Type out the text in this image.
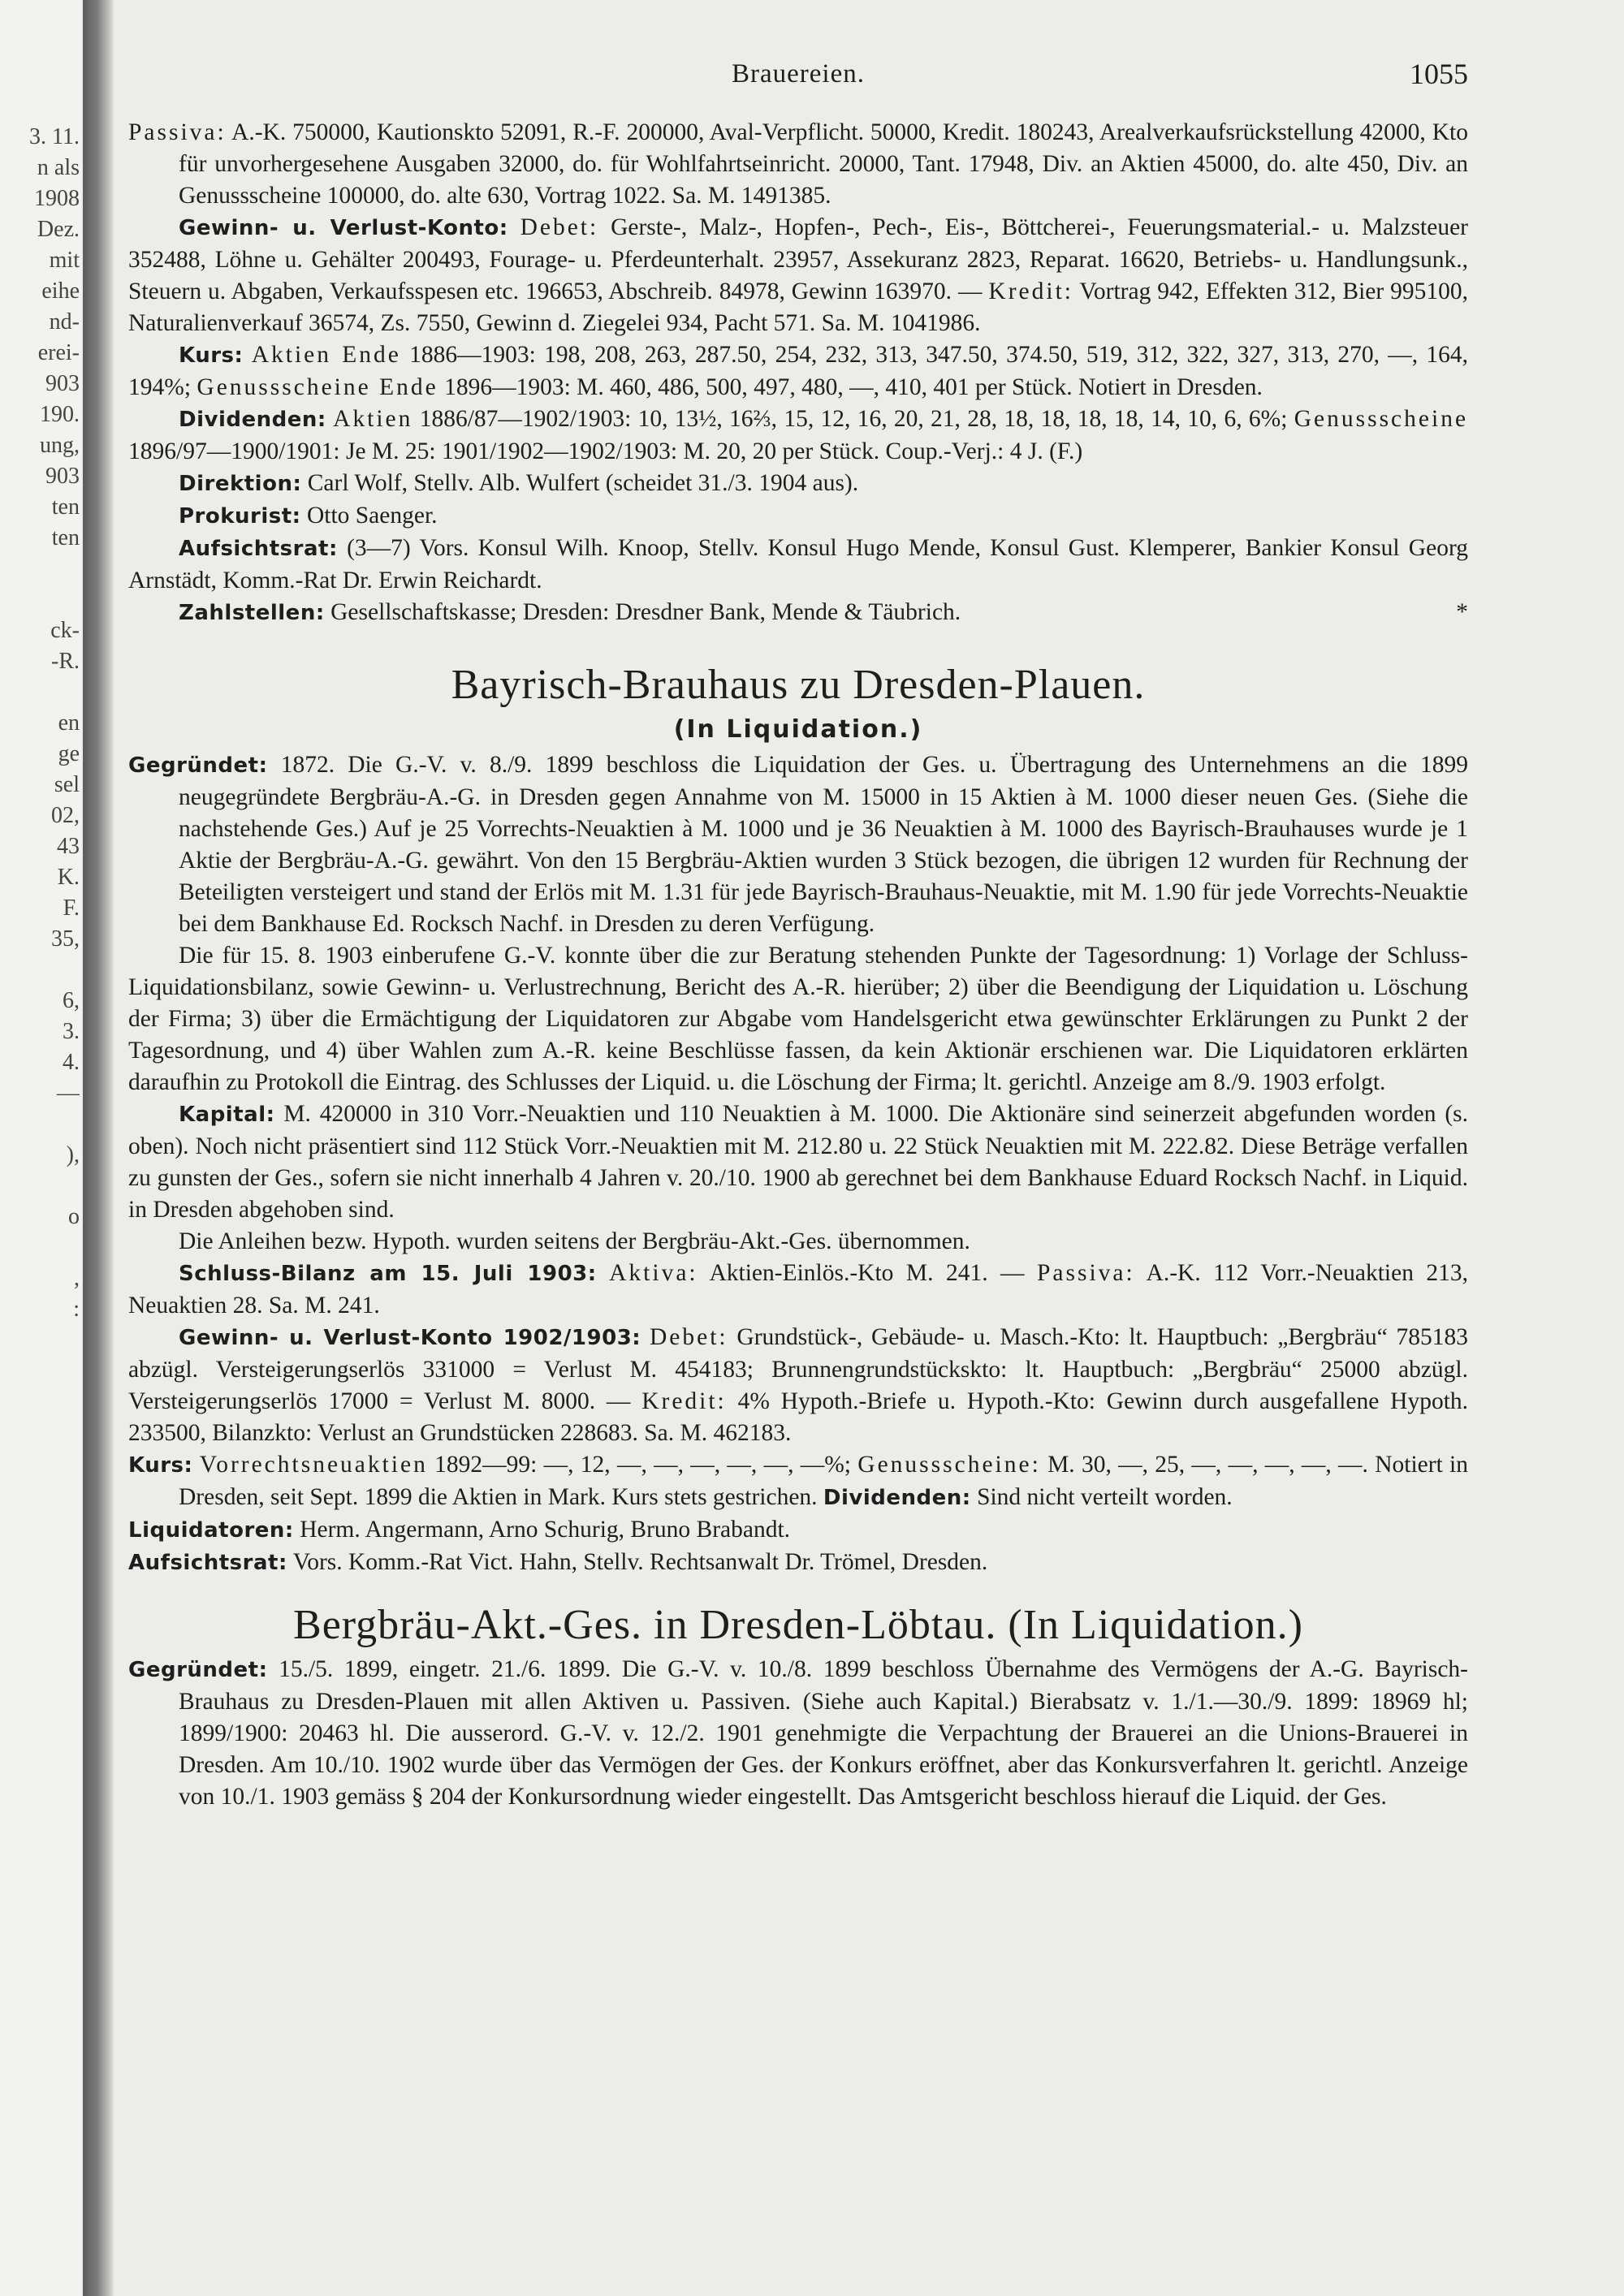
3. 11.
n als
1908
Dez.
mit
eihe
nd-
erei-
903
190.
ung,
903
ten
ten

ck-
-R.

en
ge
sel
02,
43
K.
F.
35,

6,
3.
4.
—

),

o

,
:
Brauereien.	1055

Passiva: A.-K. 750000, Kautionskto 52091, R.-F. 200000, Aval-Verpflicht. 50000, Kredit. 180243, Arealverkaufsrückstellung 42000, Kto für unvorhergesehene Ausgaben 32000, do. für Wohlfahrtseinricht. 20000, Tant. 17948, Div. an Aktien 45000, do. alte 450, Div. an Genussscheine 100000, do. alte 630, Vortrag 1022. Sa. M. 1491385.

Gewinn- u. Verlust-Konto: Debet: Gerste-, Malz-, Hopfen-, Pech-, Eis-, Böttcherei-, Feuerungsmaterial.- u. Malzsteuer 352488, Löhne u. Gehälter 200493, Fourage- u. Pferdeunterhalt. 23957, Assekuranz 2823, Reparat. 16620, Betriebs- u. Handlungsunk., Steuern u. Abgaben, Verkaufsspesen etc. 196653, Abschreib. 84978, Gewinn 163970. — Kredit: Vortrag 942, Effekten 312, Bier 995100, Naturalienverkauf 36574, Zs. 7550, Gewinn d. Ziegelei 934, Pacht 571. Sa. M. 1041986.

Kurs: Aktien Ende 1886—1903: 198, 208, 263, 287.50, 254, 232, 313, 347.50, 374.50, 519, 312, 322, 327, 313, 270, —, 164, 194%; Genussscheine Ende 1896—1903: M. 460, 486, 500, 497, 480, —, 410, 401 per Stück. Notiert in Dresden.

Dividenden: Aktien 1886/87—1902/1903: 10, 13½, 16⅔, 15, 12, 16, 20, 21, 28, 18, 18, 18, 18, 14, 10, 6, 6%; Genussscheine 1896/97—1900/1901: Je M. 25: 1901/1902—1902/1903: M. 20, 20 per Stück. Coup.-Verj.: 4 J. (F.)

Direktion: Carl Wolf, Stellv. Alb. Wulfert (scheidet 31./3. 1904 aus).

Prokurist: Otto Saenger.

Aufsichtsrat: (3—7) Vors. Konsul Wilh. Knoop, Stellv. Konsul Hugo Mende, Konsul Gust. Klemperer, Bankier Konsul Georg Arnstädt, Komm.-Rat Dr. Erwin Reichardt.

Zahlstellen: Gesellschaftskasse; Dresden: Dresdner Bank, Mende & Täubrich.	*

Bayrisch-Brauhaus zu Dresden-Plauen.
(In Liquidation.)

Gegründet: 1872. Die G.-V. v. 8./9. 1899 beschloss die Liquidation der Ges. u. Übertragung des Unternehmens an die 1899 neugegründete Bergbräu-A.-G. in Dresden gegen Annahme von M. 15000 in 15 Aktien à M. 1000 dieser neuen Ges. (Siehe die nachstehende Ges.) Auf je 25 Vorrechts-Neuaktien à M. 1000 und je 36 Neuaktien à M. 1000 des Bayrisch-Brauhauses wurde je 1 Aktie der Bergbräu-A.-G. gewährt. Von den 15 Bergbräu-Aktien wurden 3 Stück bezogen, die übrigen 12 wurden für Rechnung der Beteiligten versteigert und stand der Erlös mit M. 1.31 für jede Bayrisch-Brauhaus-Neuaktie, mit M. 1.90 für jede Vorrechts-Neuaktie bei dem Bankhause Ed. Rocksch Nachf. in Dresden zu deren Verfügung.

Die für 15. 8. 1903 einberufene G.-V. konnte über die zur Beratung stehenden Punkte der Tagesordnung: 1) Vorlage der Schluss-Liquidationsbilanz, sowie Gewinn- u. Verlustrechnung, Bericht des A.-R. hierüber; 2) über die Beendigung der Liquidation u. Löschung der Firma; 3) über die Ermächtigung der Liquidatoren zur Abgabe vom Handelsgericht etwa gewünschter Erklärungen zu Punkt 2 der Tagesordnung, und 4) über Wahlen zum A.-R. keine Beschlüsse fassen, da kein Aktionär erschienen war. Die Liquidatoren erklärten daraufhin zu Protokoll die Eintrag. des Schlusses der Liquid. u. die Löschung der Firma; lt. gerichtl. Anzeige am 8./9. 1903 erfolgt.

Kapital: M. 420000 in 310 Vorr.-Neuaktien und 110 Neuaktien à M. 1000. Die Aktionäre sind seinerzeit abgefunden worden (s. oben). Noch nicht präsentiert sind 112 Stück Vorr.-Neuaktien mit M. 212.80 u. 22 Stück Neuaktien mit M. 222.82. Diese Beträge verfallen zu gunsten der Ges., sofern sie nicht innerhalb 4 Jahren v. 20./10. 1900 ab gerechnet bei dem Bankhause Eduard Rocksch Nachf. in Liquid. in Dresden abgehoben sind.

Die Anleihen bezw. Hypoth. wurden seitens der Bergbräu-Akt.-Ges. übernommen.

Schluss-Bilanz am 15. Juli 1903: Aktiva: Aktien-Einlös.-Kto M. 241. — Passiva: A.-K. 112 Vorr.-Neuaktien 213, Neuaktien 28. Sa. M. 241.

Gewinn- u. Verlust-Konto 1902/1903: Debet: Grundstück-, Gebäude- u. Masch.-Kto: lt. Hauptbuch: „Bergbräu“ 785183 abzügl. Versteigerungserlös 331000 = Verlust M. 454183; Brunnengrundstückskto: lt. Hauptbuch: „Bergbräu“ 25000 abzügl. Versteigerungserlös 17000 = Verlust M. 8000. — Kredit: 4% Hypoth.-Briefe u. Hypoth.-Kto: Gewinn durch ausgefallene Hypoth. 233500, Bilanzkto: Verlust an Grundstücken 228683. Sa. M. 462183.

Kurs: Vorrechtsneuaktien 1892—99: —, 12, —, —, —, —, —, —%; Genussscheine: M. 30, —, 25, —, —, —, —, —. Notiert in Dresden, seit Sept. 1899 die Aktien in Mark. Kurs stets gestrichen. Dividenden: Sind nicht verteilt worden.

Liquidatoren: Herm. Angermann, Arno Schurig, Bruno Brabandt.

Aufsichtsrat: Vors. Komm.-Rat Vict. Hahn, Stellv. Rechtsanwalt Dr. Trömel, Dresden.

Bergbräu-Akt.-Ges. in Dresden-Löbtau. (In Liquidation.)

Gegründet: 15./5. 1899, eingetr. 21./6. 1899. Die G.-V. v. 10./8. 1899 beschloss Übernahme des Vermögens der A.-G. Bayrisch-Brauhaus zu Dresden-Plauen mit allen Aktiven u. Passiven. (Siehe auch Kapital.) Bierabsatz v. 1./1.—30./9. 1899: 18969 hl; 1899/1900: 20463 hl. Die ausserord. G.-V. v. 12./2. 1901 genehmigte die Verpachtung der Brauerei an die Unions-Brauerei in Dresden. Am 10./10. 1902 wurde über das Vermögen der Ges. der Konkurs eröffnet, aber das Konkursverfahren lt. gerichtl. Anzeige von 10./1. 1903 gemäss § 204 der Konkursordnung wieder eingestellt. Das Amtsgericht beschloss hierauf die Liquid. der Ges.
